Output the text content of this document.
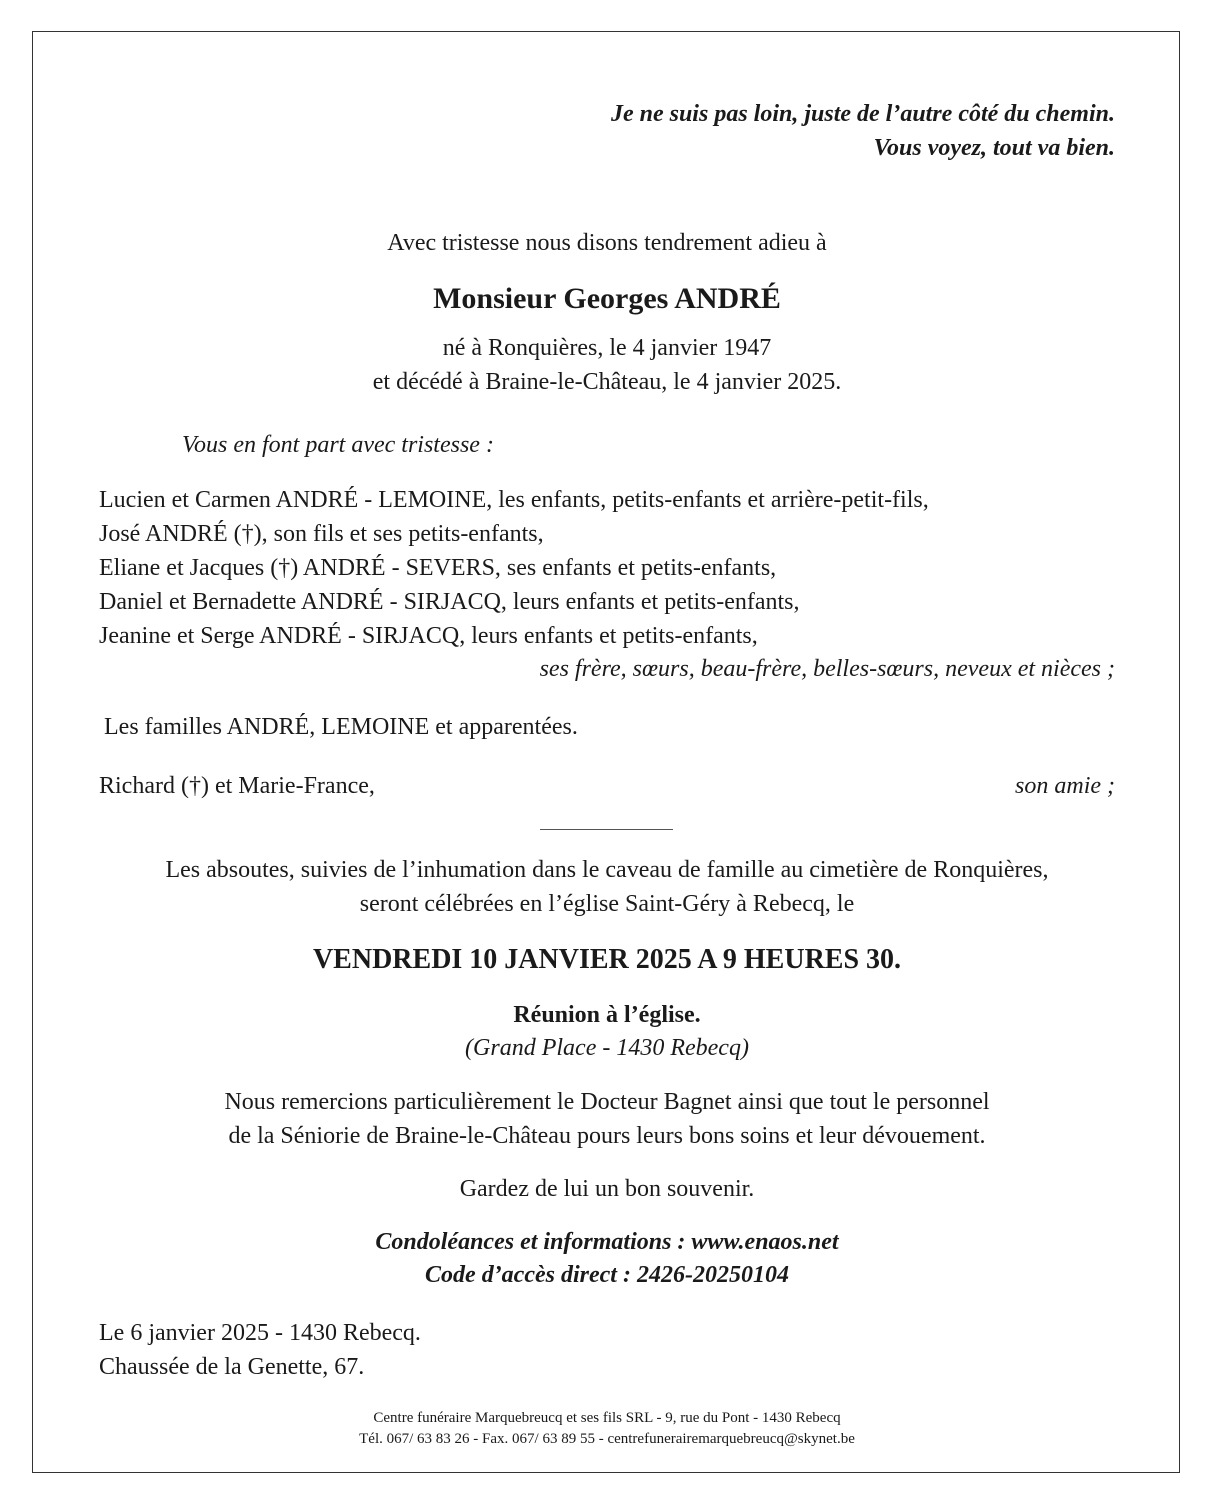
Je ne suis pas loin, juste de l’autre côté du chemin.
Vous voyez, tout va bien.
Avec tristesse nous disons tendrement adieu à
Monsieur Georges ANDRÉ
né à Ronquières, le 4 janvier 1947
et décédé à Braine-le-Château, le 4 janvier 2025.
Vous en font part avec tristesse :
Lucien et Carmen ANDRÉ - LEMOINE, les enfants, petits-enfants et arrière-petit-fils,
José ANDRÉ (†), son fils et ses petits-enfants,
Eliane et Jacques (†) ANDRÉ - SEVERS, ses enfants et petits-enfants,
Daniel et Bernadette ANDRÉ - SIRJACQ, leurs enfants et petits-enfants,
Jeanine et Serge ANDRÉ - SIRJACQ, leurs enfants et petits-enfants,
ses frère, sœurs, beau-frère, belles-sœurs, neveux et nièces ;
Les familles ANDRÉ, LEMOINE et apparentées.
Richard (†) et Marie-France,	son amie ;
Les absoutes, suivies de l’inhumation dans le caveau de famille au cimetière de Ronquières,
seront célébrées en l’église Saint-Géry à Rebecq, le
VENDREDI 10 JANVIER 2025 A 9 HEURES 30.
Réunion à l’église.
(Grand Place - 1430 Rebecq)
Nous remercions particulièrement le Docteur Bagnet ainsi que tout le personnel
de la Séniorie de Braine-le-Château pours leurs bons soins et leur dévouement.
Gardez de lui un bon souvenir.
Condoléances et informations : www.enaos.net
Code d’accès direct : 2426-20250104
Le 6 janvier 2025 - 1430 Rebecq.
Chaussée de la Genette, 67.
Centre funéraire Marquebreucq et ses fils SRL - 9, rue du Pont - 1430 Rebecq
Tél. 067/ 63 83 26 - Fax. 067/ 63 89 55 - centrefunerairemarquebreucq@skynet.be
